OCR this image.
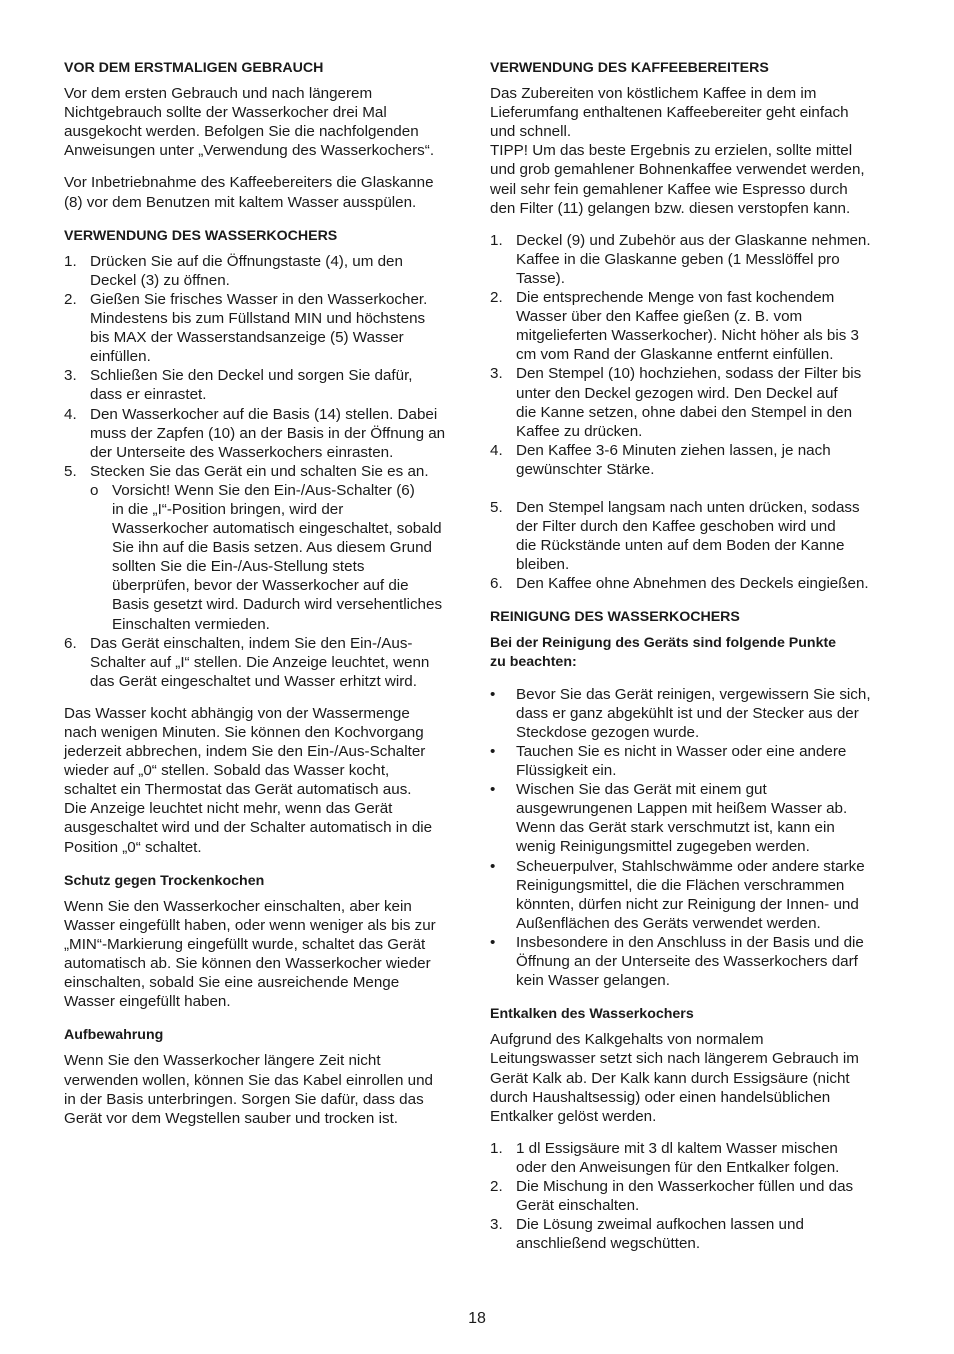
VOR DEM ERSTMALIGEN GEBRAUCH

Vor dem ersten Gebrauch und nach längerem
Nichtgebrauch sollte der Wasserkocher drei Mal
ausgekocht werden. Befolgen Sie die nachfolgenden
Anweisungen unter „Verwendung des Wasserkochers“.

Vor Inbetriebnahme des Kaffeebereiters die Glaskanne
(8) vor dem Benutzen mit kaltem Wasser ausspülen.

VERWENDUNG DES WASSERKOCHERS
1. Drücken Sie auf die Öffnungstaste (4), um den
Deckel (3) zu öffnen.
2. Gießen Sie frisches Wasser in den Wasserkocher.
Mindestens bis zum Füllstand MIN und höchstens
bis MAX der Wasserstandsanzeige (5) Wasser
einfüllen.
3. Schließen Sie den Deckel und sorgen Sie dafür,
dass er einrastet.
4. Den Wasserkocher auf die Basis (14) stellen. Dabei
muss der Zapfen (10) an der Basis in der Öffnung an
der Unterseite des Wasserkochers einrasten.
5. Stecken Sie das Gerät ein und schalten Sie es an.
o Vorsicht! Wenn Sie den Ein-/Aus-Schalter (6)
in die „I“-Position bringen, wird der
Wasserkocher automatisch eingeschaltet, sobald
Sie ihn auf die Basis setzen. Aus diesem Grund
sollten Sie die Ein-/Aus-Stellung stets
überprüfen, bevor der Wasserkocher auf die
Basis gesetzt wird. Dadurch wird versehentliches
Einschalten vermieden.
6. Das Gerät einschalten, indem Sie den Ein-/Aus-
Schalter auf „I“ stellen. Die Anzeige leuchtet, wenn
das Gerät eingeschaltet und Wasser erhitzt wird.

Das Wasser kocht abhängig von der Wassermenge
nach wenigen Minuten. Sie können den Kochvorgang
jederzeit abbrechen, indem Sie den Ein-/Aus-Schalter
wieder auf „0“ stellen. Sobald das Wasser kocht,
schaltet ein Thermostat das Gerät automatisch aus.
Die Anzeige leuchtet nicht mehr, wenn das Gerät
ausgeschaltet wird und der Schalter automatisch in die
Position „0“ schaltet.

Schutz gegen Trockenkochen

Wenn Sie den Wasserkocher einschalten, aber kein
Wasser eingefüllt haben, oder wenn weniger als bis zur
„MIN“-Markierung eingefüllt wurde, schaltet das Gerät
automatisch ab. Sie können den Wasserkocher wieder
einschalten, sobald Sie eine ausreichende Menge
Wasser eingefüllt haben.

Aufbewahrung

Wenn Sie den Wasserkocher längere Zeit nicht
verwenden wollen, können Sie das Kabel einrollen und
in der Basis unterbringen. Sorgen Sie dafür, dass das
Gerät vor dem Wegstellen sauber und trocken ist.

VERWENDUNG DES KAFFEEBEREITERS

Das Zubereiten von köstlichem Kaffee in dem im
Lieferumfang enthaltenen Kaffeebereiter geht einfach
und schnell.
TIPP! Um das beste Ergebnis zu erzielen, sollte mittel
und grob gemahlener Bohnenkaffee verwendet werden,
weil sehr fein gemahlener Kaffee wie Espresso durch
den Filter (11) gelangen bzw. diesen verstopfen kann.

1. Deckel (9) und Zubehör aus der Glaskanne nehmen.
Kaffee in die Glaskanne geben (1 Messlöffel pro
Tasse).
2. Die entsprechende Menge von fast kochendem
Wasser über den Kaffee gießen (z. B. vom
mitgelieferten Wasserkocher). Nicht höher als bis 3
cm vom Rand der Glaskanne entfernt einfüllen.
3. Den Stempel (10) hochziehen, sodass der Filter bis
unter den Deckel gezogen wird. Den Deckel auf
die Kanne setzen, ohne dabei den Stempel in den
Kaffee zu drücken.
4. Den Kaffee 3-6 Minuten ziehen lassen, je nach
gewünschter Stärke.
5. Den Stempel langsam nach unten drücken, sodass
der Filter durch den Kaffee geschoben wird und
die Rückstände unten auf dem Boden der Kanne
bleiben.
6. Den Kaffee ohne Abnehmen des Deckels eingießen.
REINIGUNG DES WASSERKOCHERS

Bei der Reinigung des Geräts sind folgende Punkte
zu beachten:

• Bevor Sie das Gerät reinigen, vergewissern Sie sich,
dass er ganz abgekühlt ist und der Stecker aus der
Steckdose gezogen wurde.
• Tauchen Sie es nicht in Wasser oder eine andere
Flüssigkeit ein.
• Wischen Sie das Gerät mit einem gut
ausgewrungenen Lappen mit heißem Wasser ab.
Wenn das Gerät stark verschmutzt ist, kann ein
wenig Reinigungsmittel zugegeben werden.
• Scheuerpulver, Stahlschwämme oder andere starke
Reinigungsmittel, die die Flächen verschrammen
könnten, dürfen nicht zur Reinigung der Innen- und
Außenflächen des Geräts verwendet werden.
• Insbesondere in den Anschluss in der Basis und die
Öffnung an der Unterseite des Wasserkochers darf
kein Wasser gelangen.
Entkalken des Wasserkochers

Aufgrund des Kalkgehalts von normalem
Leitungswasser setzt sich nach längerem Gebrauch im
Gerät Kalk ab. Der Kalk kann durch Essigsäure (nicht
durch Haushaltsessig) oder einen handelsüblichen
Entkalker gelöst werden.

1. 1 dl Essigsäure mit 3 dl kaltem Wasser mischen
oder den Anweisungen für den Entkalker folgen.
2. Die Mischung in den Wasserkocher füllen und das
Gerät einschalten.
3. Die Lösung zweimal aufkochen lassen und
anschließend wegschütten.
18
